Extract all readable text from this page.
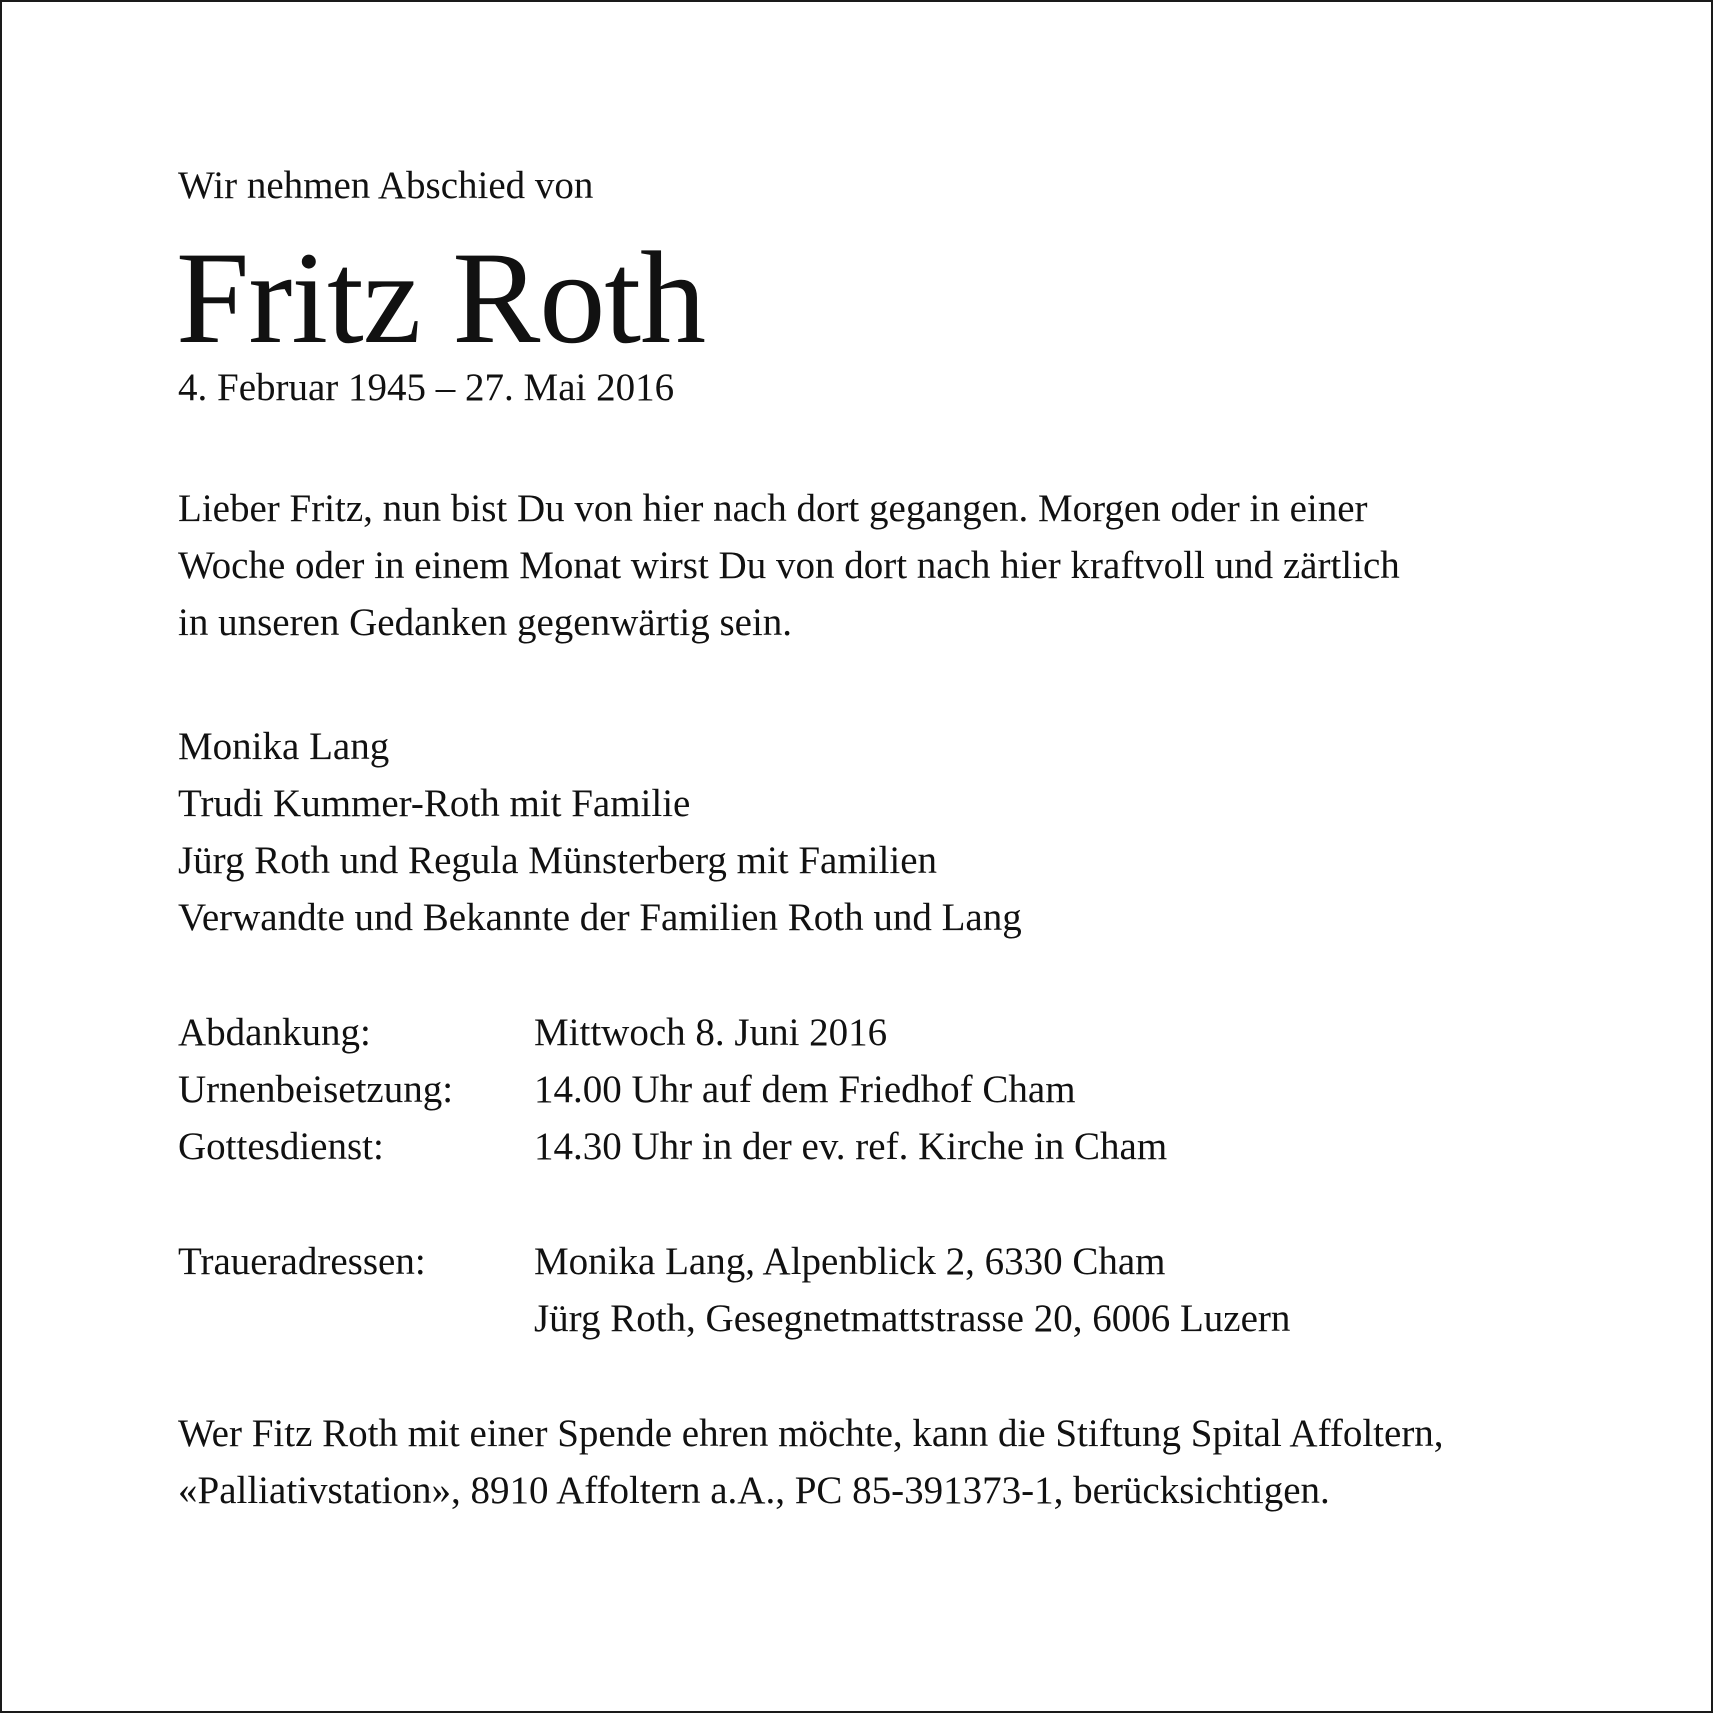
Wir nehmen Abschied von

Fritz Roth

4. Februar 1945 – 27. Mai 2016

Lieber Fritz, nun bist Du von hier nach dort gegangen. Morgen oder in einer
Woche oder in einem Monat wirst Du von dort nach hier kraftvoll und zärtlich
in unseren Gedanken gegenwärtig sein.
Monika Lang
Trudi Kummer-Roth mit Familie
Jürg Roth und Regula Münsterberg mit Familien
Verwandte und Bekannte der Familien Roth und Lang
Abdankung:	Mittwoch 8. Juni 2016
Urnenbeisetzung:	14.00 Uhr auf dem Friedhof Cham
Gottesdienst:	14.30 Uhr in der ev. ref. Kirche in Cham
Traueradressen:	Monika Lang, Alpenblick 2, 6330 Cham
Jürg Roth, Gesegnetmattstrasse 20, 6006 Luzern
Wer Fitz Roth mit einer Spende ehren möchte, kann die Stiftung Spital Affoltern,
«Palliativstation», 8910 Affoltern a.A., PC 85-391373-1, berücksichtigen.
